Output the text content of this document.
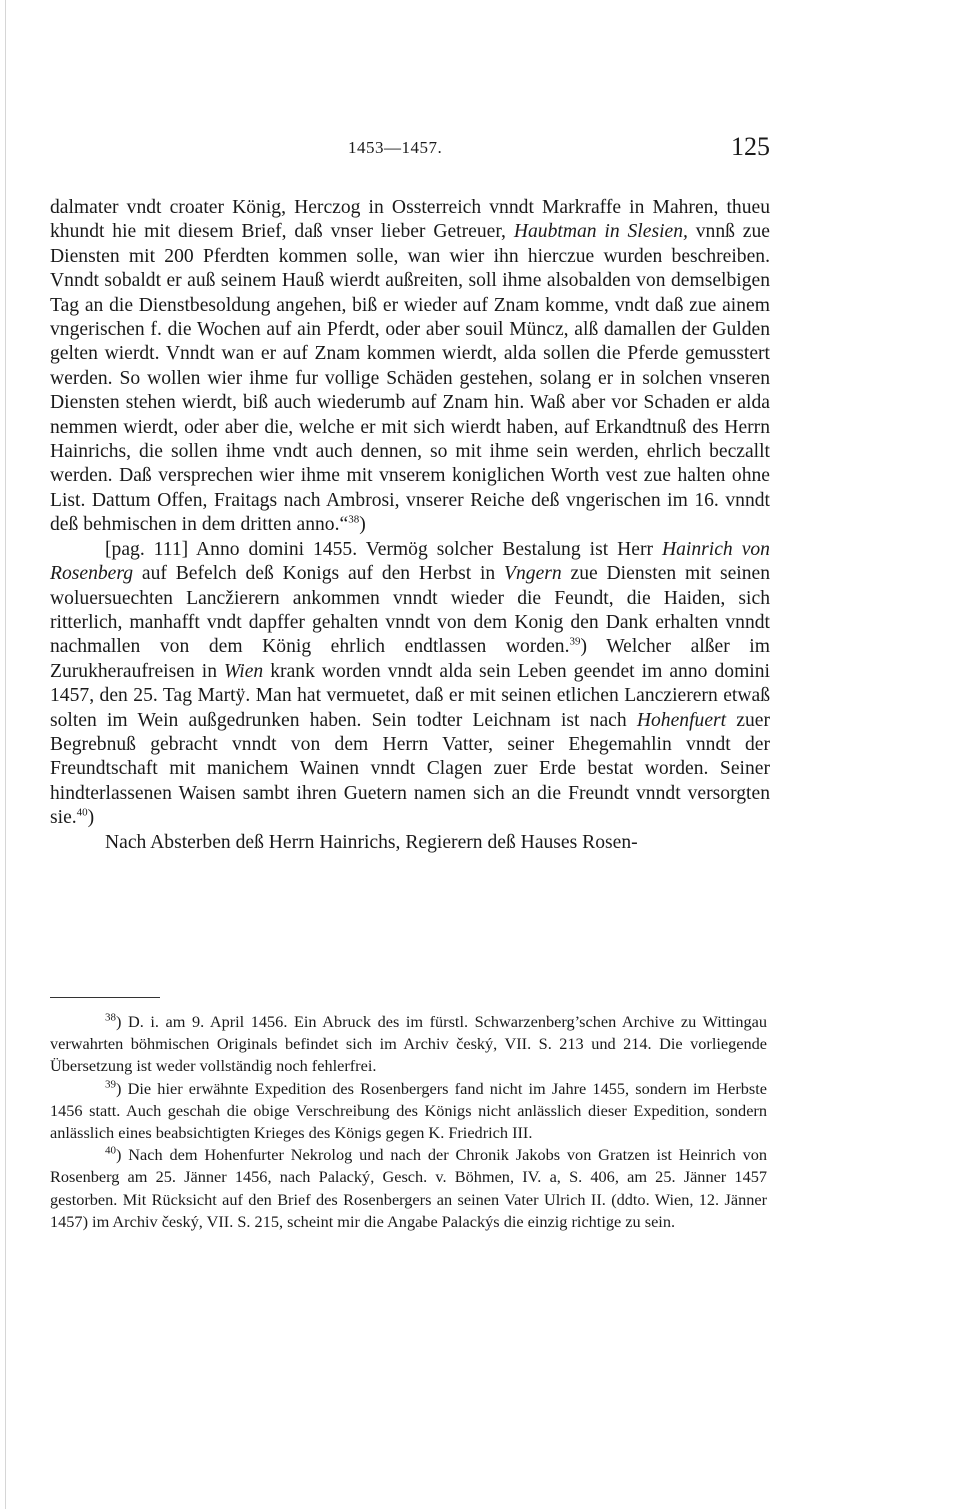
1453—1457.	125

dalmater vndt croater König, Herczog in Ossterreich vnndt Markraffe in Mahren, thueu khundt hie mit diesem Brief, daß vnser lieber Getreuer, Haubtman in Slesien, vnnß zue Diensten mit 200 Pferdten kommen solle, wan wier ihn hierczue wurden beschreiben. Vnndt sobaldt er auß seinem Hauß wierdt außreiten, soll ihme alsobalden von demselbigen Tag an die Dienstbesoldung angehen, biß er wieder auf Znam komme, vndt daß zue ainem vngerischen f. die Wochen auf ain Pferdt, oder aber souil Müncz, alß damallen der Gulden gelten wierdt. Vnndt wan er auf Znam kommen wierdt, alda sollen die Pferde gemusstert werden. So wollen wier ihme fur vollige Schäden gestehen, solang er in solchen vnseren Diensten stehen wierdt, biß auch wiederumb auf Znam hin. Waß aber vor Schaden er alda nemmen wierdt, oder aber die, welche er mit sich wierdt haben, auf Erkandtnuß des Herrn Hainrichs, die sollen ihme vndt auch dennen, so mit ihme sein werden, ehrlich beczallt werden. Daß versprechen wier ihme mit vnserem koniglichen Worth vest zue halten ohne List. Dattum Offen, Fraitags nach Ambrosi, vnserer Reiche deß vngerischen im 16. vnndt deß behmischen in dem dritten anno.“$^{38}$)

[pag. 111] Anno domini 1455. Vermög solcher Bestalung ist Herr Hainrich von Rosenberg auf Befelch deß Konigs auf den Herbst in Vngern zue Diensten mit seinen woluersuechten Lancžierern ankommen vnndt wieder die Feundt, die Haiden, sich ritterlich, manhafft vndt dapffer gehalten vnndt von dem Konig den Dank erhalten vnndt nachmallen von dem König ehrlich endtlassen worden.$^{39}$) Welcher alßer im Zurukheraufreisen in Wien krank worden vnndt alda sein Leben geendet im anno domini 1457, den 25. Tag Martÿ. Man hat vermuetet, daß er mit seinen etlichen Lanczierern etwaß solten im Wein außgedrunken haben. Sein todter Leichnam ist nach Hohenfuert zuer Begrebnuß gebracht vnndt von dem Herrn Vatter, seiner Ehegemahlin vnndt der Freundtschaft mit manichem Wainen vnndt Clagen zuer Erde bestat worden. Seiner hindterlassenen Waisen sambt ihren Guetern namen sich an die Freundt vnndt versorgten sie.$^{40}$)

Nach Absterben deß Herrn Hainrichs, Regierern deß Hauses Rosen-

$^{38}$) D. i. am 9. April 1456. Ein Abruck des im fürstl. Schwarzenberg’schen Archive zu Wittingau verwahrten böhmischen Originals befindet sich im Archiv český, VII. S. 213 und 214. Die vorliegende Übersetzung ist weder vollständig noch fehlerfrei.

$^{39}$) Die hier erwähnte Expedition des Rosenbergers fand nicht im Jahre 1455, sondern im Herbste 1456 statt. Auch geschah die obige Verschreibung des Königs nicht anlässlich dieser Expedition, sondern anlässlich eines beabsichtigten Krieges des Königs gegen K. Friedrich III.

$^{40}$) Nach dem Hohenfurter Nekrolog und nach der Chronik Jakobs von Gratzen ist Heinrich von Rosenberg am 25. Jänner 1456, nach Palacký, Gesch. v. Böhmen, IV. a, S. 406, am 25. Jänner 1457 gestorben. Mit Rücksicht auf den Brief des Rosenbergers an seinen Vater Ulrich II. (ddto. Wien, 12. Jänner 1457) im Archiv český, VII. S. 215, scheint mir die Angabe Palackýs die einzig richtige zu sein.
